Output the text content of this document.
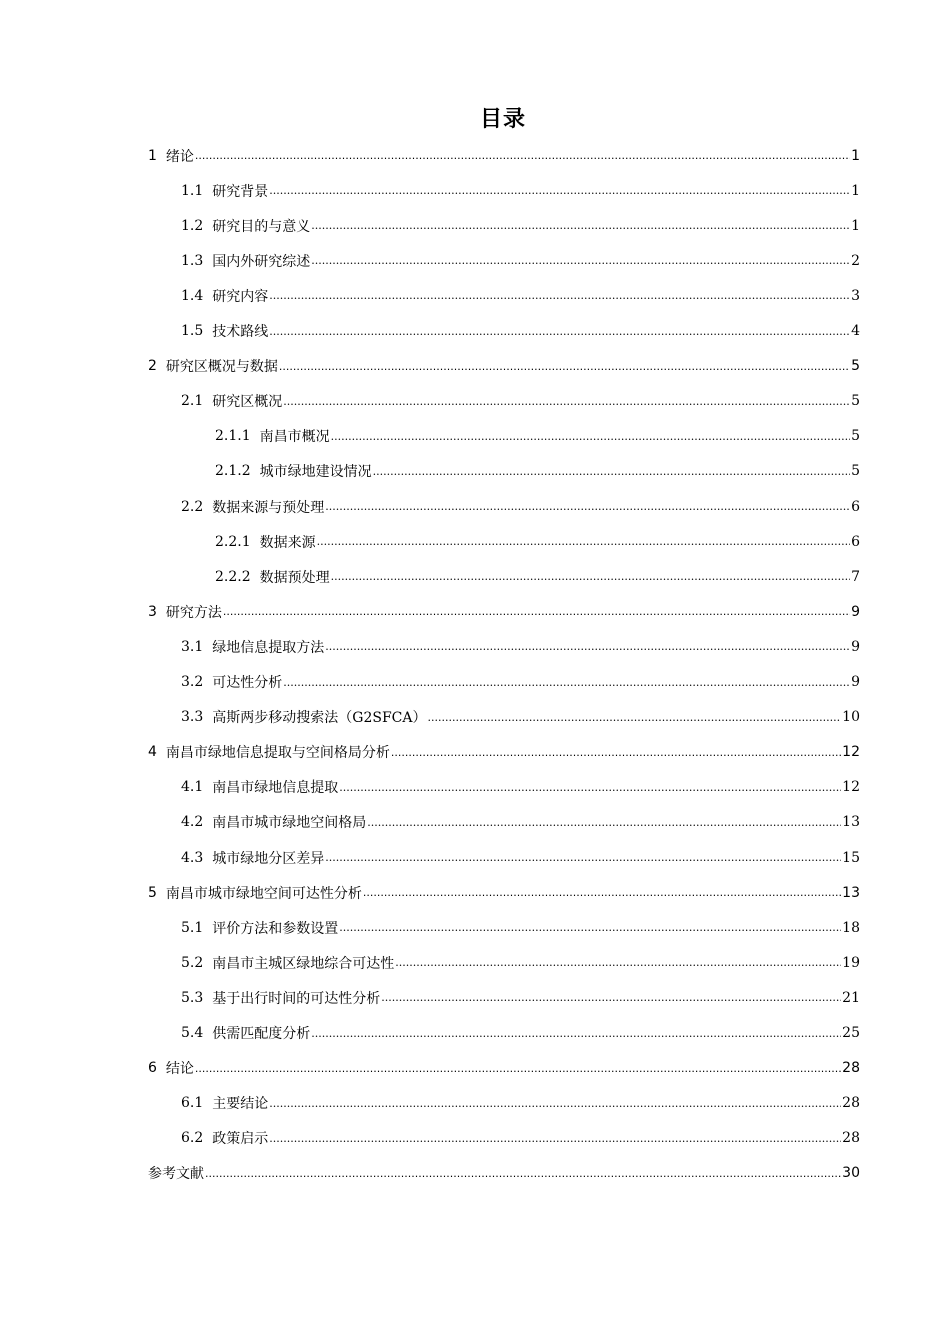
目录
1 绪论 .....	1
1.1 研究背景 .....	1
1.2 研究目的与意义 .....	1
1.3 国内外研究综述 .....	2
1.4 研究内容 .....	3
1.5 技术路线 .....	4
2 研究区概况与数据 .....	5
2.1 研究区概况 .....	5
2.1.1 南昌市概况 .....	5
2.1.2 城市绿地建设情况 .....	5
2.2 数据来源与预处理 .....	6
2.2.1 数据来源 .....	6
2.2.2 数据预处理 .....	7
3 研究方法 .....	9
3.1 绿地信息提取方法 .....	9
3.2 可达性分析 .....	9
3.3 高斯两步移动搜索法（G2SFCA） .....	10
4 南昌市绿地信息提取与空间格局分析 .....	12
4.1 南昌市绿地信息提取 .....	12
4.2 南昌市城市绿地空间格局 .....	13
4.3 城市绿地分区差异 .....	15
5 南昌市城市绿地空间可达性分析 .....	13
5.1 评价方法和参数设置 .....	18
5.2 南昌市主城区绿地综合可达性 .....	19
5.3 基于出行时间的可达性分析 .....	21
5.4 供需匹配度分析 .....	25
6 结论 .....	28
6.1 主要结论 .....	28
6.2 政策启示 .....	28
参考文献 .....	30
